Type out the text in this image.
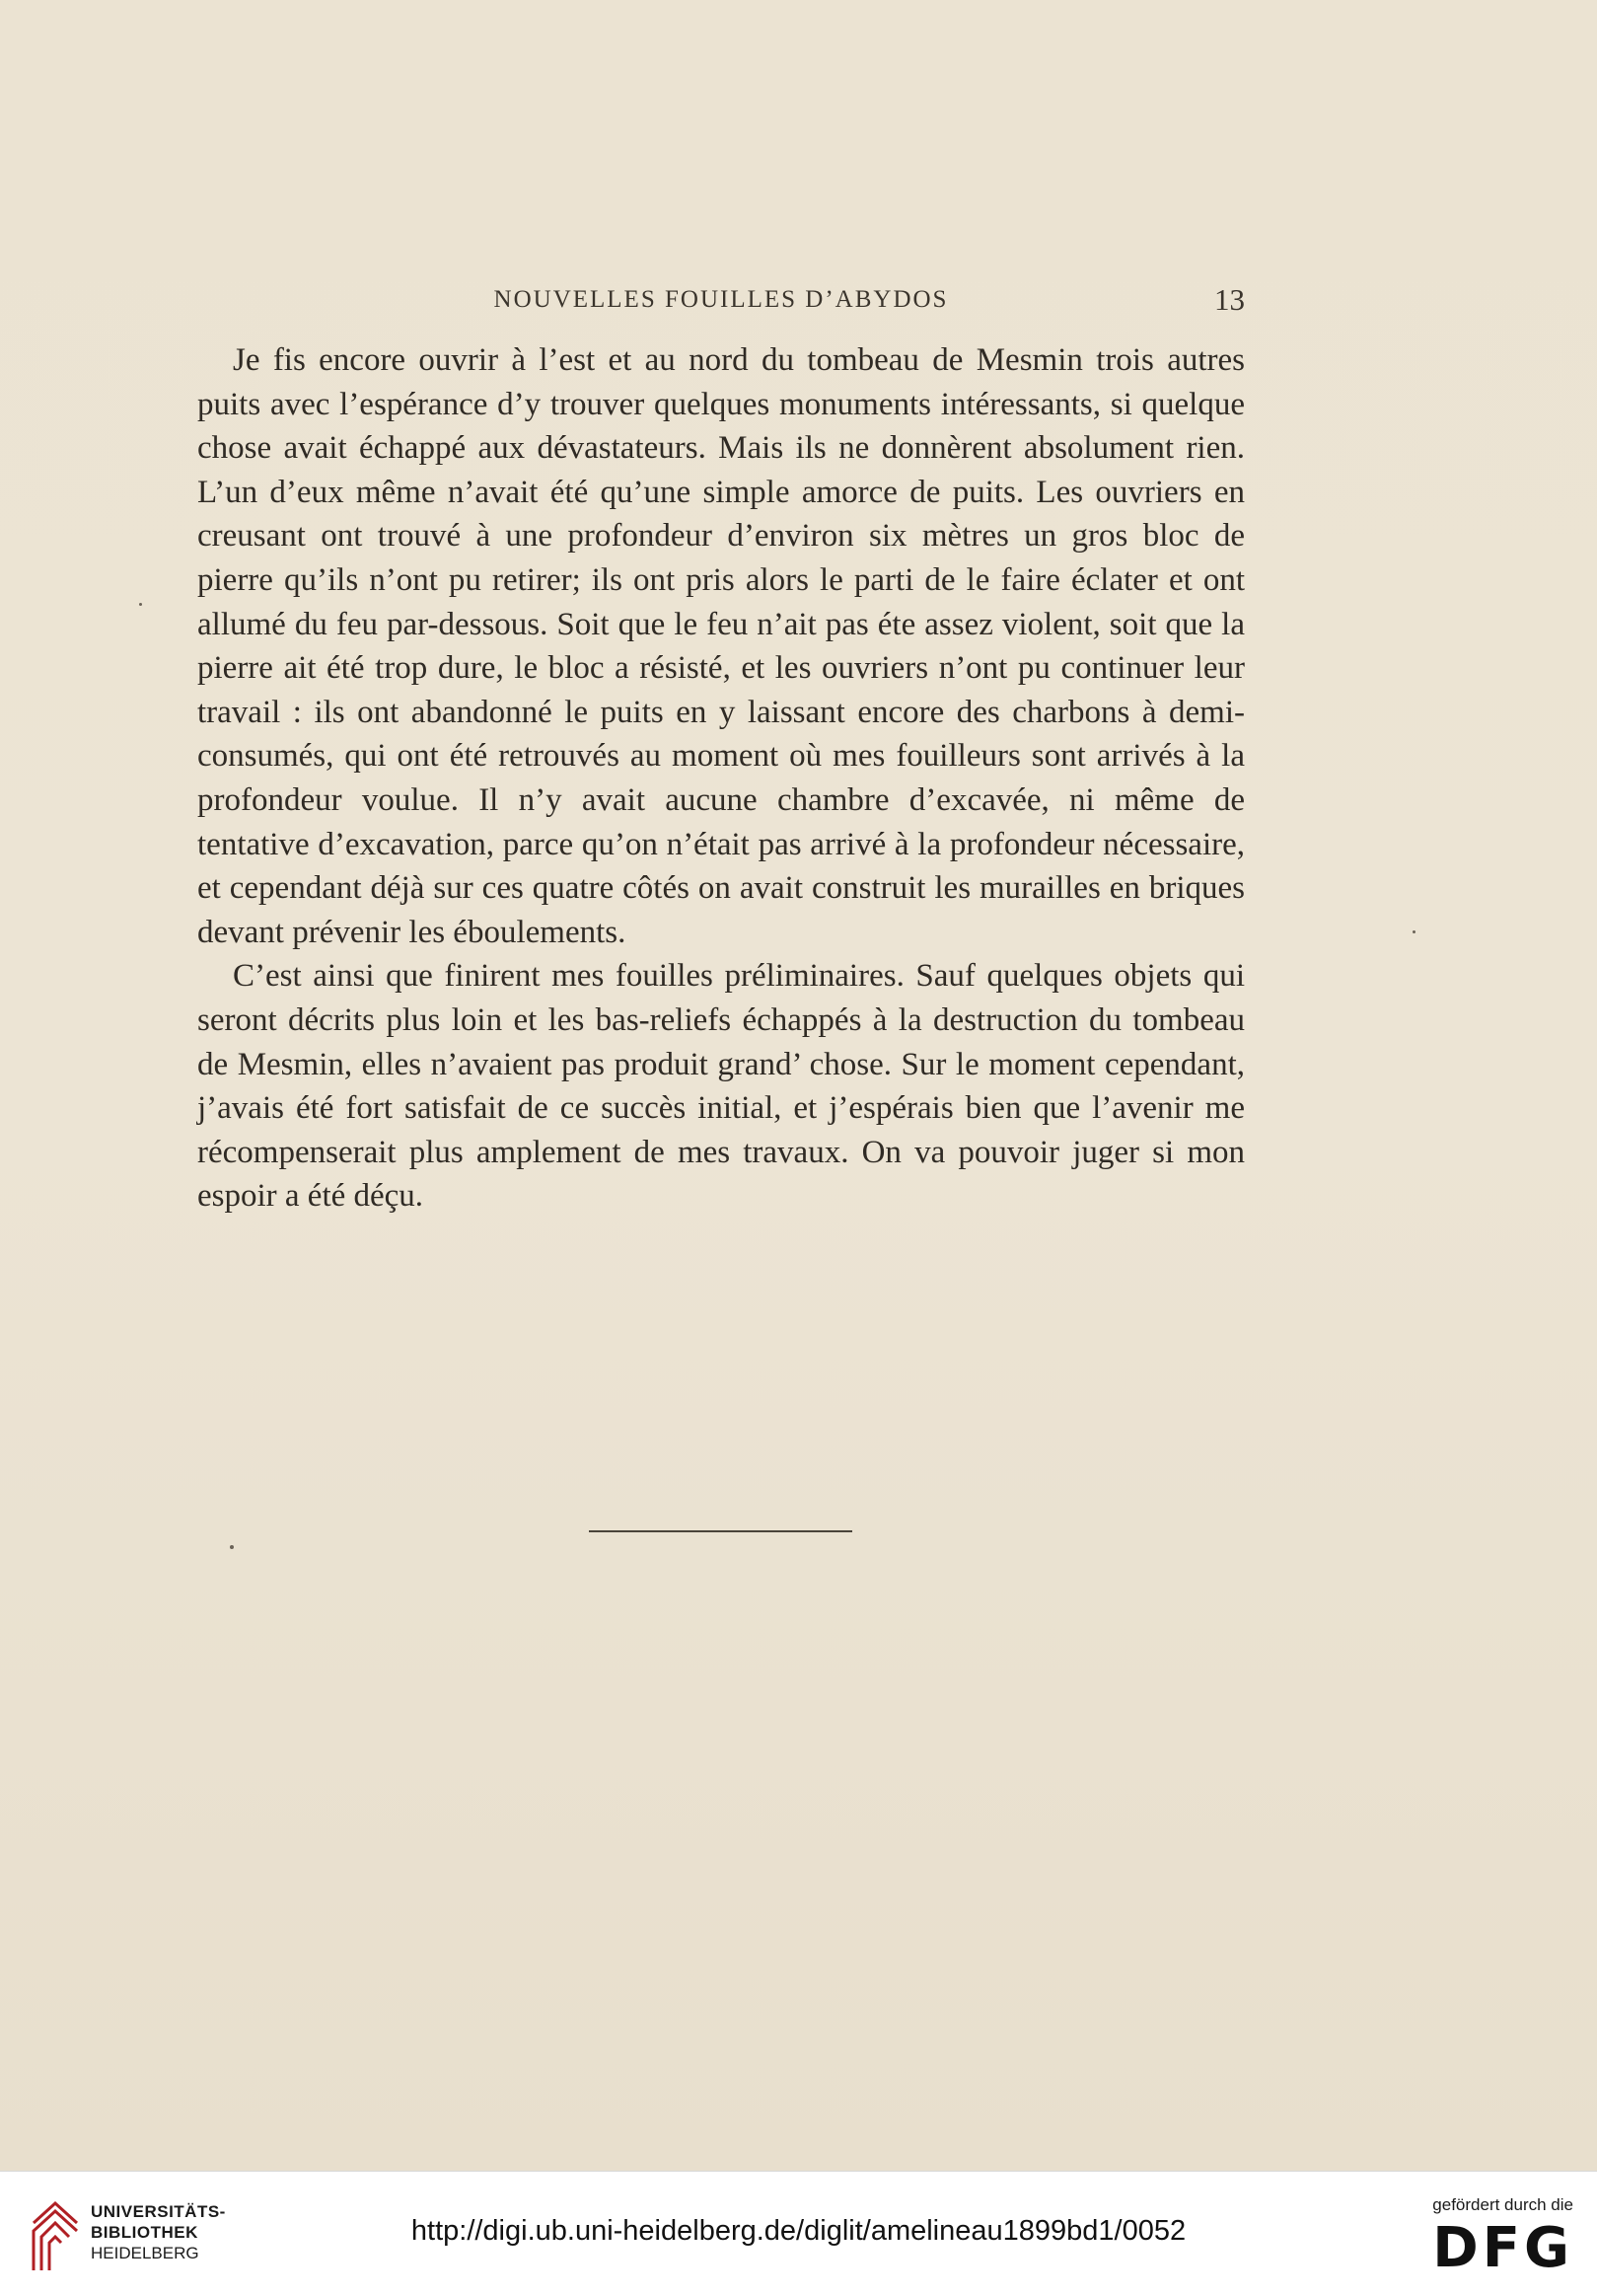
NOUVELLES FOUILLES D’ABYDOS	13

Je fis encore ouvrir à l’est et au nord du tombeau de Mesmin trois autres puits avec l’espérance d’y trouver quelques monuments intéressants, si quelque chose avait échappé aux dévastateurs. Mais ils ne donnèrent absolument rien. L’un d’eux même n’avait été qu’une simple amorce de puits. Les ouvriers en creusant ont trouvé à une profondeur d’environ six mètres un gros bloc de pierre qu’ils n’ont pu retirer; ils ont pris alors le parti de le faire éclater et ont allumé du feu par-dessous. Soit que le feu n’ait pas éte assez violent, soit que la pierre ait été trop dure, le bloc a résisté, et les ouvriers n’ont pu continuer leur travail : ils ont abandonné le puits en y laissant encore des charbons à demi-consumés, qui ont été retrouvés au moment où mes fouilleurs sont arrivés à la profondeur voulue. Il n’y avait aucune chambre d’excavée, ni même de tentative d’excavation, parce qu’on n’était pas arrivé à la profondeur nécessaire, et cependant déjà sur ces quatre côtés on avait construit les murailles en briques devant prévenir les éboulements.

C’est ainsi que finirent mes fouilles préliminaires. Sauf quelques objets qui seront décrits plus loin et les bas-reliefs échappés à la destruction du tombeau de Mesmin, elles n’avaient pas produit grand’ chose. Sur le moment cependant, j’avais été fort satisfait de ce succès initial, et j’espérais bien que l’avenir me récompenserait plus amplement de mes travaux. On va pouvoir juger si mon espoir a été déçu.

UNIVERSITÄTS-
BIBLIOTHEK
HEIDELBERG
http://digi.ub.uni-heidelberg.de/diglit/amelineau1899bd1/0052
gefördert durch die
DFG
